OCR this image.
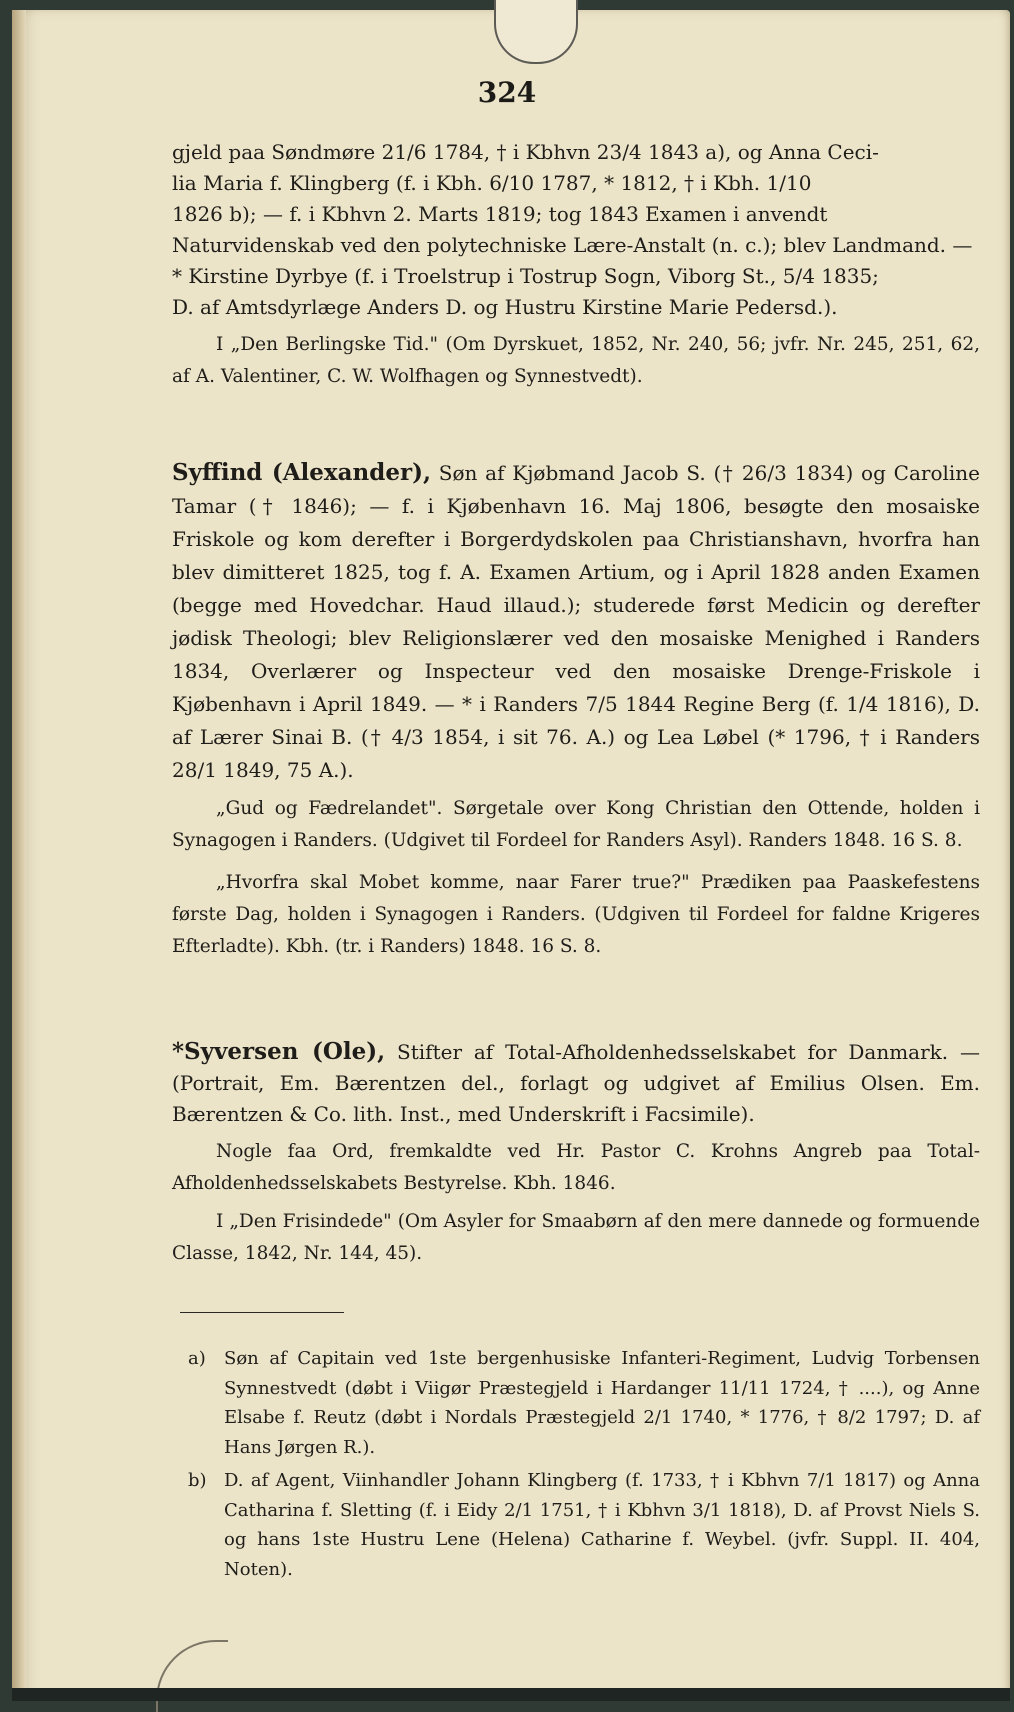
324
gjeld paa Søndmøre 21/6 1784, † i Kbhvn 23/4 1843 a), og Anna Ceci-
lia Maria f. Klingberg (f. i Kbh. 6/10 1787, * 1812, † i Kbh. 1/10
1826 b); — f. i Kbhvn 2. Marts 1819; tog 1843 Examen i anvendt
Naturvidenskab ved den polytechniske Lære-Anstalt (n. c.); blev Landmand. —
* Kirstine Dyrbye (f. i Troelstrup i Tostrup Sogn, Viborg St., 5/4 1835;
D. af Amtsdyrlæge Anders D. og Hustru Kirstine Marie Pedersd.).
I „Den Berlingske Tid." (Om Dyrskuet, 1852, Nr. 240, 56; jvfr. Nr. 245, 251, 62, af A. Valentiner, C. W. Wolfhagen og Synnestvedt).
Syffind (Alexander), Søn af Kjøbmand Jacob S. († 26/3 1834) og Caroline Tamar († 1846); — f. i Kjøbenhavn 16. Maj 1806, besøgte den mosaiske Friskole og kom derefter i Borgerdydskolen paa Christianshavn, hvorfra han blev dimitteret 1825, tog f. A. Examen Artium, og i April 1828 anden Examen (begge med Hovedchar. Haud illaud.); studerede først Medicin og derefter jødisk Theologi; blev Religionslærer ved den mosaiske Menighed i Randers 1834, Overlærer og Inspecteur ved den mosaiske Drenge-Friskole i Kjøbenhavn i April 1849. — * i Randers 7/5 1844 Regine Berg (f. 1/4 1816), D. af Lærer Sinai B. († 4/3 1854, i sit 76. A.) og Lea Løbel (* 1796, † i Randers 28/1 1849, 75 A.).
„Gud og Fædrelandet". Sørgetale over Kong Christian den Ottende, holden i Synagogen i Randers. (Udgivet til Fordeel for Randers Asyl). Randers 1848. 16 S. 8.
„Hvorfra skal Mobet komme, naar Farer true?" Prædiken paa Paaskefestens første Dag, holden i Synagogen i Randers. (Udgiven til Fordeel for faldne Krigeres Efterladte). Kbh. (tr. i Randers) 1848. 16 S. 8.
*Syversen (Ole), Stifter af Total-Afholdenhedsselskabet for Danmark. — (Portrait, Em. Bærentzen del., forlagt og udgivet af Emilius Olsen. Em. Bærentzen & Co. lith. Inst., med Underskrift i Facsimile).
Nogle faa Ord, fremkaldte ved Hr. Pastor C. Krohns Angreb paa Total-Afholdenhedsselskabets Bestyrelse. Kbh. 1846.
I „Den Frisindede" (Om Asyler for Smaabørn af den mere dannede og formuende Classe, 1842, Nr. 144, 45).
a) Søn af Capitain ved 1ste bergenhusiske Infanteri-Regiment, Ludvig Torbensen Synnestvedt (døbt i Viigør Præstegjeld i Hardanger 11/11 1724, † ....), og Anne Elsabe f. Reutz (døbt i Nordals Præstegjeld 2/1 1740, * 1776, † 8/2 1797; D. af Hans Jørgen R.).
b) D. af Agent, Viinhandler Johann Klingberg (f. 1733, † i Kbhvn 7/1 1817) og Anna Catharina f. Sletting (f. i Eidy 2/1 1751, † i Kbhvn 3/1 1818), D. af Provst Niels S. og hans 1ste Hustru Lene (Helena) Catharine f. Weybel. (jvfr. Suppl. II. 404, Noten).
